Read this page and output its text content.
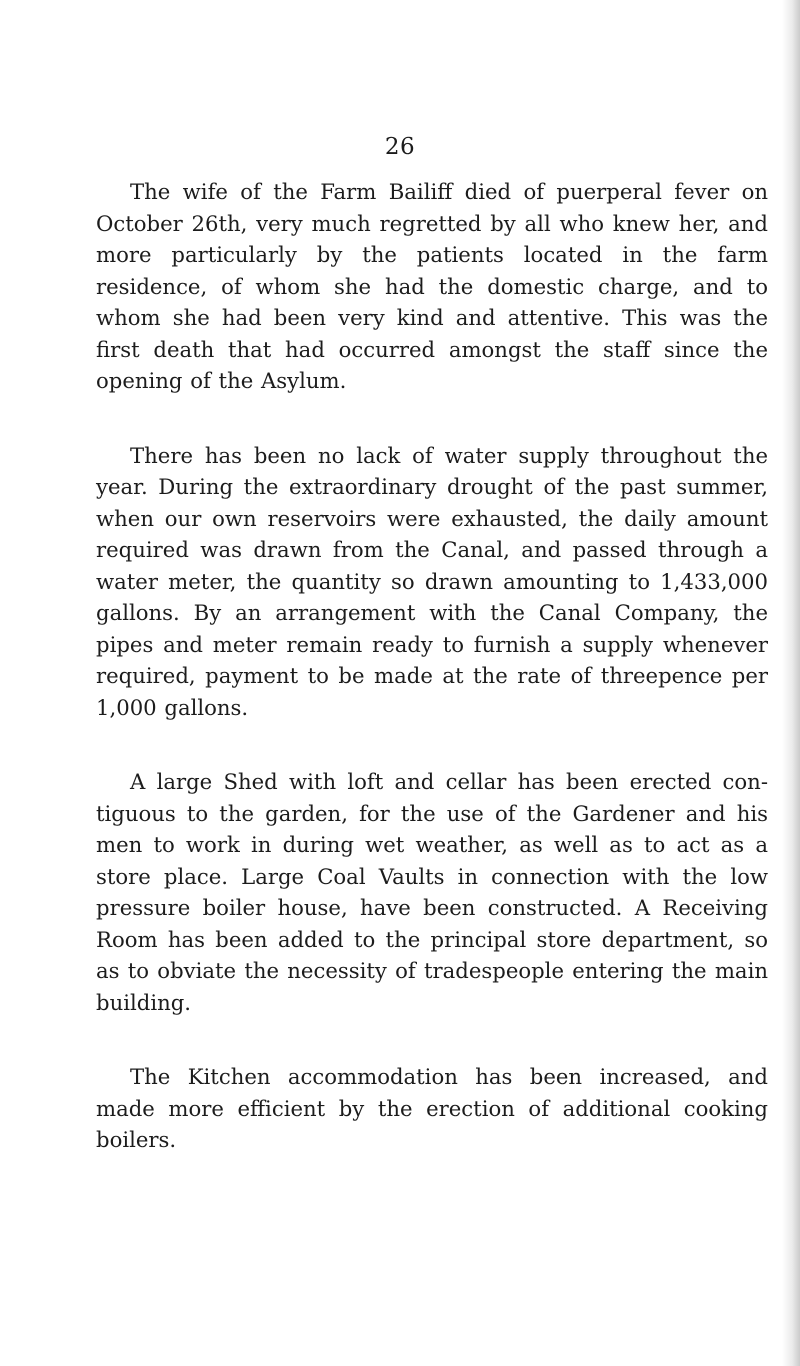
26

The wife of the Farm Bailiff died of puerperal fever on October 26th, very much regretted by all who knew her, and more particularly by the patients located in the farm residence, of whom she had the domestic charge, and to whom she had been very kind and attentive. This was the first death that had occurred amongst the staff since the opening of the Asylum.

There has been no lack of water supply throughout the year. During the extraordinary drought of the past summer, when our own reservoirs were exhausted, the daily amount required was drawn from the Canal, and passed through a water meter, the quantity so drawn amounting to 1,433,000 gallons. By an arrangement with the Canal Company, the pipes and meter remain ready to furnish a supply whenever required, payment to be made at the rate of threepence per 1,000 gallons.

A large Shed with loft and cellar has been erected contiguous to the garden, for the use of the Gardener and his men to work in during wet weather, as well as to act as a store place. Large Coal Vaults in connection with the low pressure boiler house, have been constructed. A Receiving Room has been added to the principal store department, so as to obviate the necessity of tradespeople entering the main building.

The Kitchen accommodation has been increased, and made more efficient by the erection of additional cooking boilers.
